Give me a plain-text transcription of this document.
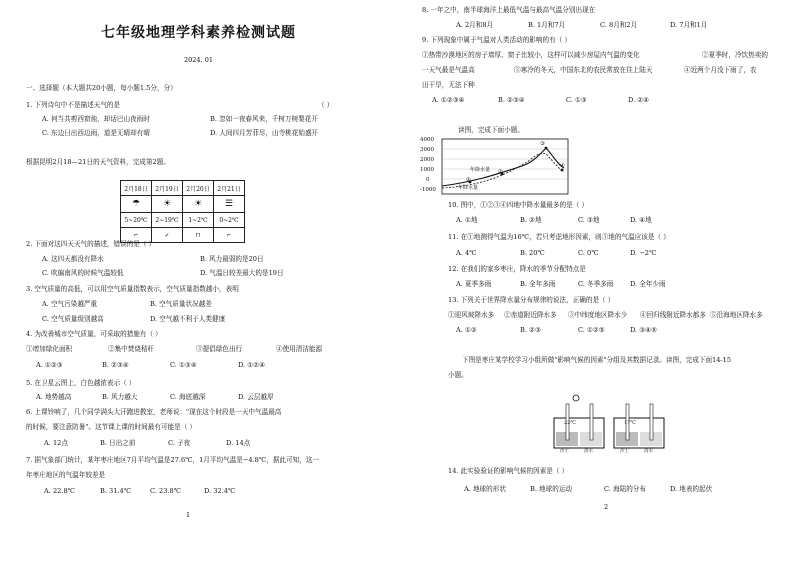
七年级地理学科素养检测试题
2024. 01
一、选择题（本大题共20小题，每小题1.5分，分）
1. 下列诗句中不是描述天气的是	（ ）
A. 何当共剪西窗烛，却话巴山夜雨时	B. 忽如一夜春风来，千树万树梨花开
C. 东边日出西边雨，道是无晴却有晴	D. 人间四月芳菲尽，山寺桃花始盛开
根据昆明2月18—21日的天气资料，完成第2题。
2月18日	2月19日	2月20日	2月21日
☂	☀	☀	☰
5~20℃	2~19℃	1~2℃	0~2℃
⌐	✓	⊓	⌐
2. 下面对这四天天气的描述，错误的是（ ）
A. 这四天都没有降水	B. 风力最弱的是20日
C. 吹偏南风的时候气温较低	D. 气温日较差最大的是19日
3. 空气质量的高低，可以用空气质量指数表示，空气质量指数越小，表明
A. 空气污染越严重	B. 空气质量状况越差
C. 空气质量级别越高	D. 空气越不利于人类健康
4. 为改善城市空气质量，可采取的措施有（ ）
①增加绿化面积	②集中焚烧秸秆	③提倡绿色出行	④使用清洁能源
A. ①②③	B. ②③④	C. ①③④	D. ①②④
5. 在卫星云图上，白色越浓表示（ ）
A. 地势越高	B. 风力越大	C. 海底越深	D. 云层越厚
6. 上课铃响了，几个同学满头大汗跑进教室，老师说："现在这个时段是一天中气温最高
的时候，要注意防暑"。这节课上课的时间最有可能是（ ）
A. 12点	B. 日出之前	C. 子夜	D. 14点
7. 据气象部门统计，某年枣庄地区7月平均气温是27.6℃，1月平均气温是−4.8℃，据此可知，这一
年枣庄地区的气温年较差是
A. 22.8℃	B. 31.4℃	C. 23.8℃	D. 32.4℃
1
8. 一年之中，南半球海洋上最低气温与最高气温分别出现在
A. 2月和8月	B. 1月和7月	C. 8月和2月	D. 7月和1月
9. 下列现象中属于气温对人类活动的影响的有（ ）
①热带沙漠地区的房子墙厚、窗子比较小，这样可以减少房屋内气温的变化	②夏季时，冷饮热卖的
一天气最是气温高	③寒冷的冬天，中国东北的农民常放在住上陆天	④近两个月没下雨了，农
田干旱，无法下种
A. ①②③④	B. ②③④	C. ①③	D. ②④
读图，完成下面小题。
4000
3000
2000
1000
0
-1000
年降水量
年降水量
①
②
③
④
10. 图中，①②③④四地中降水量最多的是（ ）
A. ①地	B. ②地	C. ③地	D. ④地
11. 在①地测得气温为16℃，若只考虑地形因素，则③地的气温应该是（ ）
A. 4℃	B. 20℃	C. 0℃	D. −2℃
12. 在我们的家乡枣庄，降水的季节分配特点是
A. 夏季多雨	B. 全年多雨	C. 冬季多雨	D. 全年少雨
13. 下列关于世界降水量分布规律的说法，正确的是（ ）
①迎风坡降水多 ②赤道附近降水多 ③中纬度地区降水少 ④回归线附近降水都多 ⑤沿海地区降水多
A. ①②	B. ②③	C. ①②⑤	D. ③④⑤
下图是枣庄某学校学习小组所做"影响气候的因素"分组及其数据记录。读图，完成下面14-15
小题。
22℃	17℃
沙土	清水	沙土	清水
14. 此实验验证的影响气候的因素是（ ）
A. 地球的形状	B. 地球的运动	C. 海陆的分布	D. 地表的起伏
2
